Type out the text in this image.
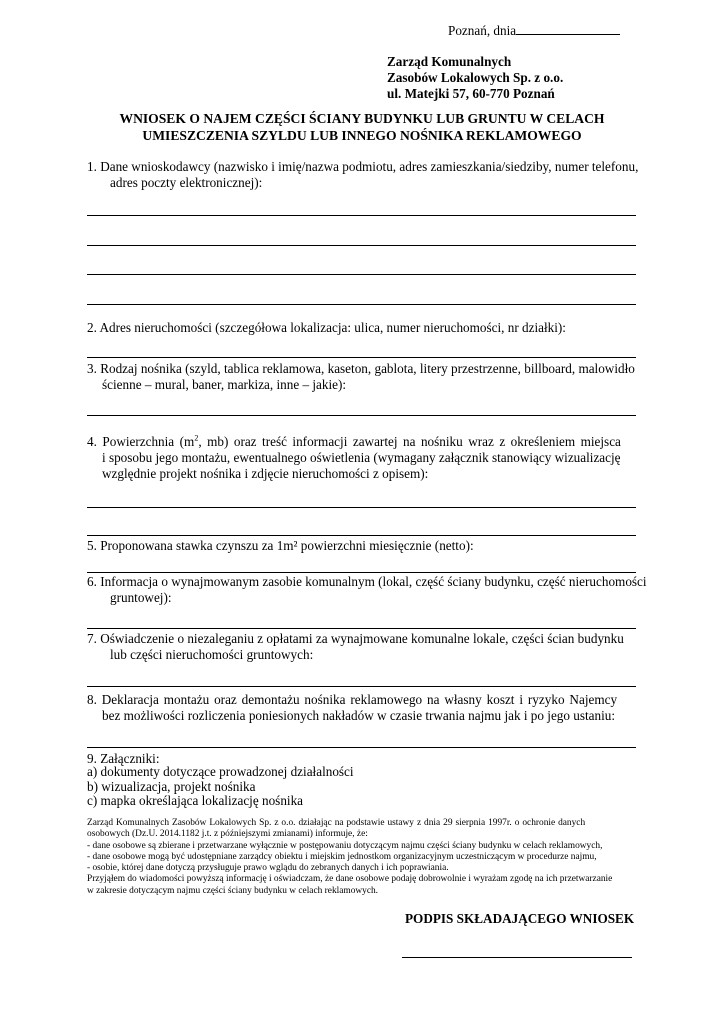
Poznań, dnia
Zarząd Komunalnych
Zasobów Lokalowych Sp. z o.o.
ul. Matejki 57, 60-770 Poznań
WNIOSEK O NAJEM CZĘŚCI ŚCIANY BUDYNKU LUB GRUNTU W CELACH
UMIESZCZENIA SZYLDU LUB INNEGO NOŚNIKA REKLAMOWEGO
1. Dane wnioskodawcy (nazwisko i imię/nazwa podmiotu, adres zamieszkania/siedziby, numer telefonu,
adres poczty elektronicznej):
2. Adres nieruchomości (szczegółowa lokalizacja: ulica, numer nieruchomości, nr działki):
3. Rodzaj nośnika (szyld, tablica reklamowa, kaseton, gablota, litery przestrzenne, billboard, malowidło
ścienne – mural, baner, markiza, inne – jakie):
4. Powierzchnia ($m^2$, mb) oraz treść informacji zawartej na nośniku wraz z określeniem miejsca
i sposobu jego montażu, ewentualnego oświetlenia (wymagany załącznik stanowiący wizualizację
względnie projekt nośnika i zdjęcie nieruchomości z opisem):
5. Proponowana stawka czynszu za 1m² powierzchni miesięcznie (netto):
6. Informacja o wynajmowanym zasobie komunalnym (lokal, część ściany budynku, część nieruchomości
gruntowej):
7. Oświadczenie o niezaleganiu z opłatami za wynajmowane komunalne lokale, części ścian budynku
lub części nieruchomości gruntowych:
8. Deklaracja montażu oraz demontażu nośnika reklamowego na własny koszt i ryzyko Najemcy
bez możliwości rozliczenia poniesionych nakładów w czasie trwania najmu jak i po jego ustaniu:
9. Załączniki:
a) dokumenty dotyczące prowadzonej działalności
b) wizualizacja, projekt nośnika
c) mapka określająca lokalizację nośnika
Zarząd Komunalnych Zasobów Lokalowych Sp. z o.o. działając na podstawie ustawy z dnia 29 sierpnia 1997r. o ochronie danych
osobowych (Dz.U. 2014.1182 j.t. z późniejszymi zmianami) informuje, że:
- dane osobowe są zbierane i przetwarzane wyłącznie w postępowaniu dotyczącym najmu części ściany budynku w celach reklamowych,
- dane osobowe mogą być udostępniane zarządcy obiektu i miejskim jednostkom organizacyjnym uczestniczącym w procedurze najmu,
- osobie, której dane dotyczą przysługuje prawo wglądu do zebranych danych i ich poprawiania.
Przyjąłem do wiadomości powyższą informację i oświadczam, że dane osobowe podaję dobrowolnie i wyrażam zgodę na ich przetwarzanie
w zakresie dotyczącym najmu części ściany budynku w celach reklamowych.
PODPIS SKŁADAJĄCEGO WNIOSEK
